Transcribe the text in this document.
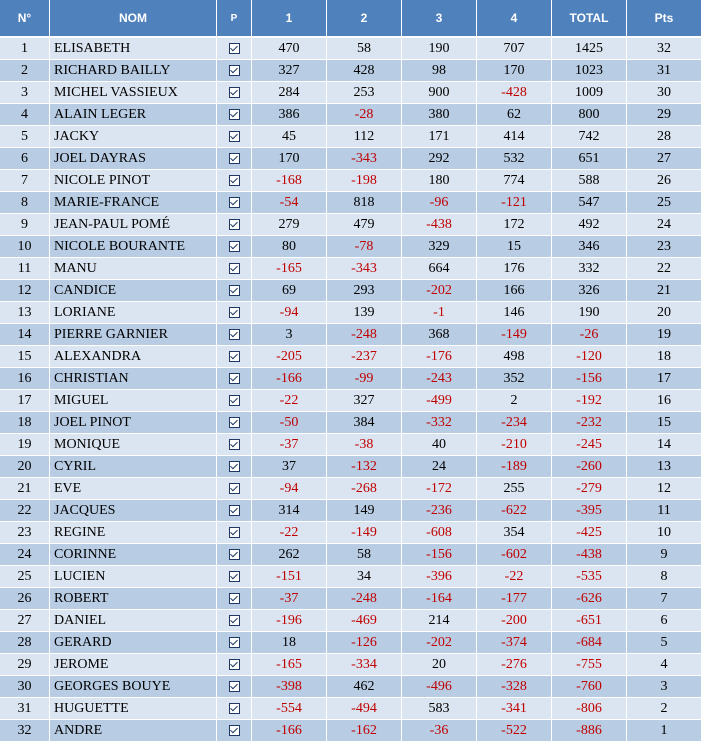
N°	NOM	P	1	2	3	4	TOTAL	Pts
1	ELISABETH		470	58	190	707	1425	32
2	RICHARD BAILLY		327	428	98	170	1023	31
3	MICHEL VASSIEUX		284	253	900	-428	1009	30
4	ALAIN LEGER		386	-28	380	62	800	29
5	JACKY		45	112	171	414	742	28
6	JOEL DAYRAS		170	-343	292	532	651	27
7	NICOLE PINOT		-168	-198	180	774	588	26
8	MARIE-FRANCE		-54	818	-96	-121	547	25
9	JEAN-PAUL POMÉ		279	479	-438	172	492	24
10	NICOLE BOURANTE		80	-78	329	15	346	23
11	MANU		-165	-343	664	176	332	22
12	CANDICE		69	293	-202	166	326	21
13	LORIANE		-94	139	-1	146	190	20
14	PIERRE GARNIER		3	-248	368	-149	-26	19
15	ALEXANDRA		-205	-237	-176	498	-120	18
16	CHRISTIAN		-166	-99	-243	352	-156	17
17	MIGUEL		-22	327	-499	2	-192	16
18	JOEL PINOT		-50	384	-332	-234	-232	15
19	MONIQUE		-37	-38	40	-210	-245	14
20	CYRIL		37	-132	24	-189	-260	13
21	EVE		-94	-268	-172	255	-279	12
22	JACQUES		314	149	-236	-622	-395	11
23	REGINE		-22	-149	-608	354	-425	10
24	CORINNE		262	58	-156	-602	-438	9
25	LUCIEN		-151	34	-396	-22	-535	8
26	ROBERT		-37	-248	-164	-177	-626	7
27	DANIEL		-196	-469	214	-200	-651	6
28	GERARD		18	-126	-202	-374	-684	5
29	JEROME		-165	-334	20	-276	-755	4
30	GEORGES BOUYE		-398	462	-496	-328	-760	3
31	HUGUETTE		-554	-494	583	-341	-806	2
32	ANDRE		-166	-162	-36	-522	-886	1
